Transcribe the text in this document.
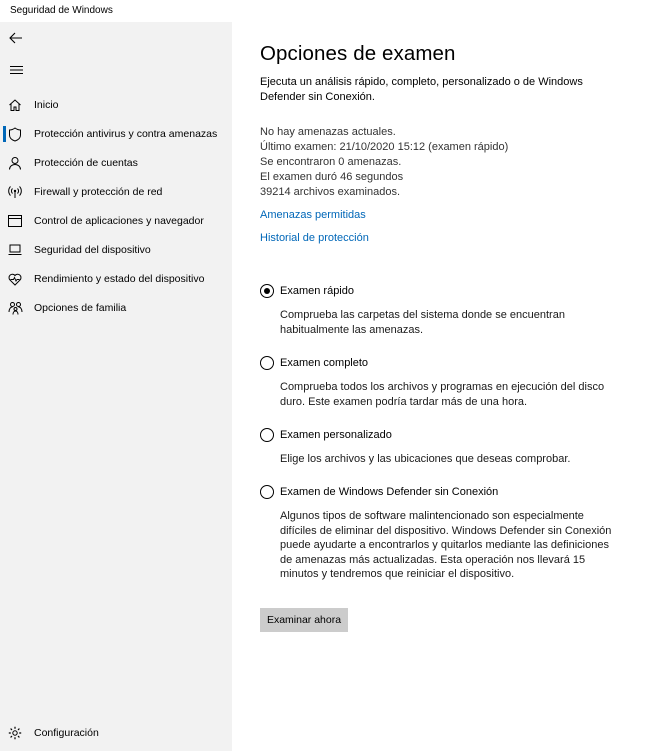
Seguridad de Windows
Inicio
Protección antivirus y contra amenazas
Protección de cuentas
Firewall y protección de red
Control de aplicaciones y navegador
Seguridad del dispositivo
Rendimiento y estado del dispositivo
Opciones de familia
Configuración
Opciones de examen

Ejecuta un análisis rápido, completo, personalizado o de Windows Defender sin Conexión.

No hay amenazas actuales.
Último examen: 21/10/2020 15:12 (examen rápido)
Se encontraron 0 amenazas.
El examen duró 46 segundos
39214 archivos examinados.
Amenazas permitidas
Historial de protección
Examen rápido

Comprueba las carpetas del sistema donde se encuentran habitualmente las amenazas.

Examen completo

Comprueba todos los archivos y programas en ejecución del disco duro. Este examen podría tardar más de una hora.

Examen personalizado

Elige los archivos y las ubicaciones que deseas comprobar.

Examen de Windows Defender sin Conexión

Algunos tipos de software malintencionado son especialmente difíciles de eliminar del dispositivo. Windows Defender sin Conexión puede ayudarte a encontrarlos y quitarlos mediante las definiciones de amenazas más actualizadas. Esta operación nos llevará 15 minutos y tendremos que reiniciar el dispositivo.

Examinar ahora
